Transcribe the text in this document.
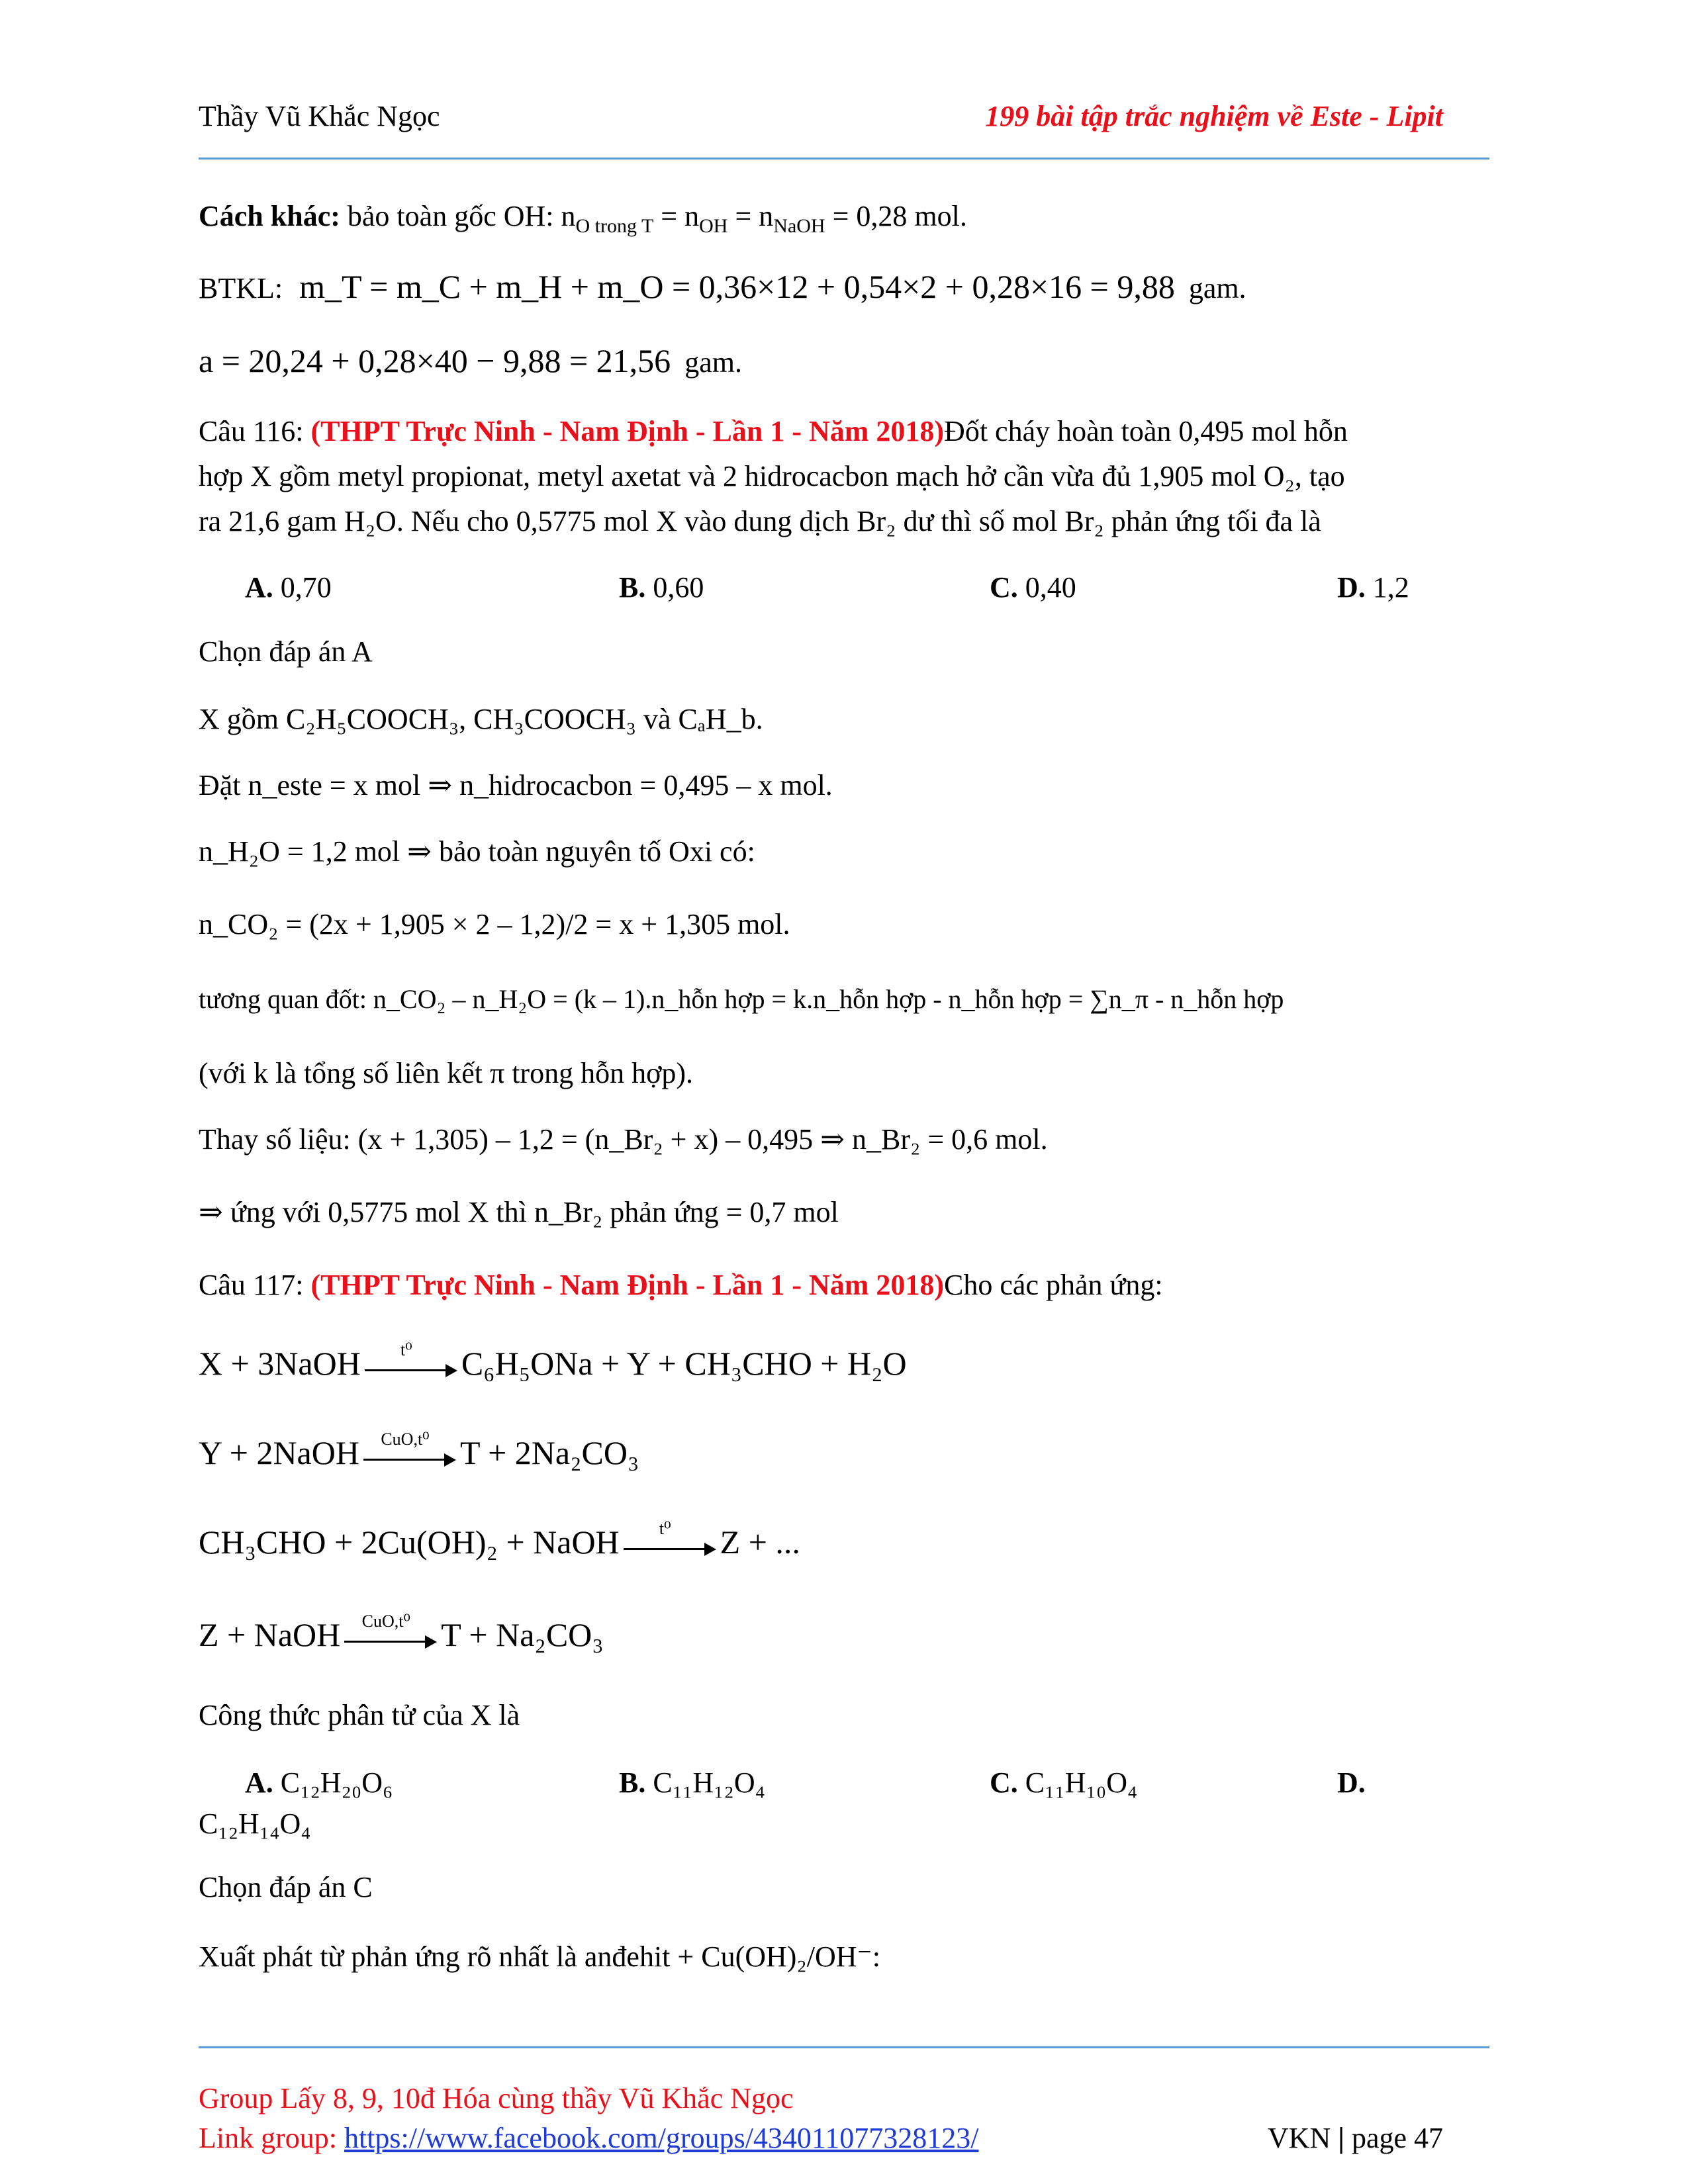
Thầy Vũ Khắc Ngọc	199 bài tập trắc nghiệm về Este - Lipit
Cách khác: bảo toàn gốc OH: $n_{O trong T} = n_{OH} = n_{NaOH} = 0,28$ mol.
BTKL: m_T = m_C + m_H + m_O = 0,36×12 + 0,54×2 + 0,28×16 = 9,88 gam.
a = 20,24 + 0,28×40 − 9,88 = 21,56 gam.
Câu 116: (THPT Trực Ninh - Nam Định - Lần 1 - Năm 2018)Đốt cháy hoàn toàn 0,495 mol hỗn
hợp X gồm metyl propionat, metyl axetat và 2 hidrocacbon mạch hở cần vừa đủ 1,905 mol O₂, tạo
ra 21,6 gam H₂O. Nếu cho 0,5775 mol X vào dung dịch Br₂ dư thì số mol Br₂ phản ứng tối đa là
A. 0,70	B. 0,60	C. 0,40	D. 1,2
Chọn đáp án A
X gồm C₂H₅COOCH₃, CH₃COOCH₃ và CₐH_b.
Đặt n_este = x mol ⇒ n_hidrocacbon = 0,495 – x mol.
n_H₂O = 1,2 mol ⇒ bảo toàn nguyên tố Oxi có:
n_CO₂ = (2x + 1,905 × 2 – 1,2)/2 = x + 1,305 mol.
tương quan đốt: n_CO₂ – n_H₂O = (k – 1).n_hỗn hợp = k.n_hỗn hợp - n_hỗn hợp = ∑n_π - n_hỗn hợp
(với k là tổng số liên kết π trong hỗn hợp).
Thay số liệu: (x + 1,305) – 1,2 = (n_Br₂ + x) – 0,495 ⇒ n_Br₂ = 0,6 mol.
⇒ ứng với 0,5775 mol X thì n_Br₂ phản ứng = 0,7 mol
Câu 117: (THPT Trực Ninh - Nam Định - Lần 1 - Năm 2018)Cho các phản ứng:
X + 3NaOH	t⁰	C₆H₅ONa + Y + CH₃CHO + H₂O
Y + 2NaOH	CuO,t⁰ T + 2Na₂CO₃
CH₃CHO + 2Cu(OH)₂ + NaOH	t⁰	Z + ...
Z + NaOH	CuO,t⁰ T + Na₂CO₃
Công thức phân tử của X là
A. C₁₂H₂₀O₆	B. C₁₁H₁₂O₄	C. C₁₁H₁₀O₄	D.
C₁₂H₁₄O₄
Chọn đáp án C
Xuất phát từ phản ứng rõ nhất là anđehit + Cu(OH)₂/OH⁻:
Group Lấy 8, 9, 10đ Hóa cùng thầy Vũ Khắc Ngọc
Link group: https://www.facebook.com/groups/434011077328123/	VKN | page 47
